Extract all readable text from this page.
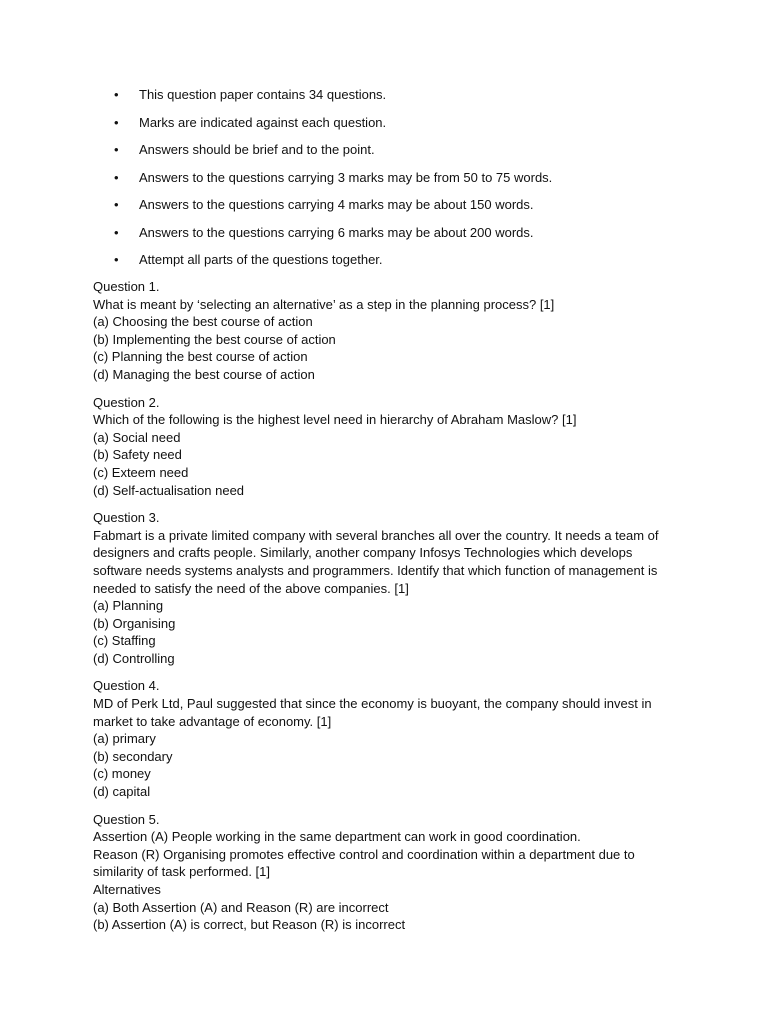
•	This question paper contains 34 questions.
•	Marks are indicated against each question.
•	Answers should be brief and to the point.
•	Answers to the questions carrying 3 marks may be from 50 to 75 words.
•	Answers to the questions carrying 4 marks may be about 150 words.
•	Answers to the questions carrying 6 marks may be about 200 words.
•	Attempt all parts of the questions together.
Question 1.
What is meant by ‘selecting an alternative’ as a step in the planning process? [1]
(a) Choosing the best course of action
(b) Implementing the best course of action
(c) Planning the best course of action
(d) Managing the best course of action
Question 2.
Which of the following is the highest level need in hierarchy of Abraham Maslow? [1]
(a) Social need
(b) Safety need
(c) Exteem need
(d) Self-actualisation need
Question 3.
Fabmart is a private limited company with several branches all over the country. It needs a team of designers and crafts people. Similarly, another company Infosys Technologies which develops software needs systems analysts and programmers. Identify that which function of management is needed to satisfy the need of the above companies. [1]
(a) Planning
(b) Organising
(c) Staffing
(d) Controlling
Question 4.
MD of Perk Ltd, Paul suggested that since the economy is buoyant, the company should invest in market to take advantage of economy. [1]
(a) primary
(b) secondary
(c) money
(d) capital
Question 5.
Assertion (A) People working in the same department can work in good coordination.
Reason (R) Organising promotes effective control and coordination within a department due to similarity of task performed. [1]
Alternatives
(a) Both Assertion (A) and Reason (R) are incorrect
(b) Assertion (A) is correct, but Reason (R) is incorrect
